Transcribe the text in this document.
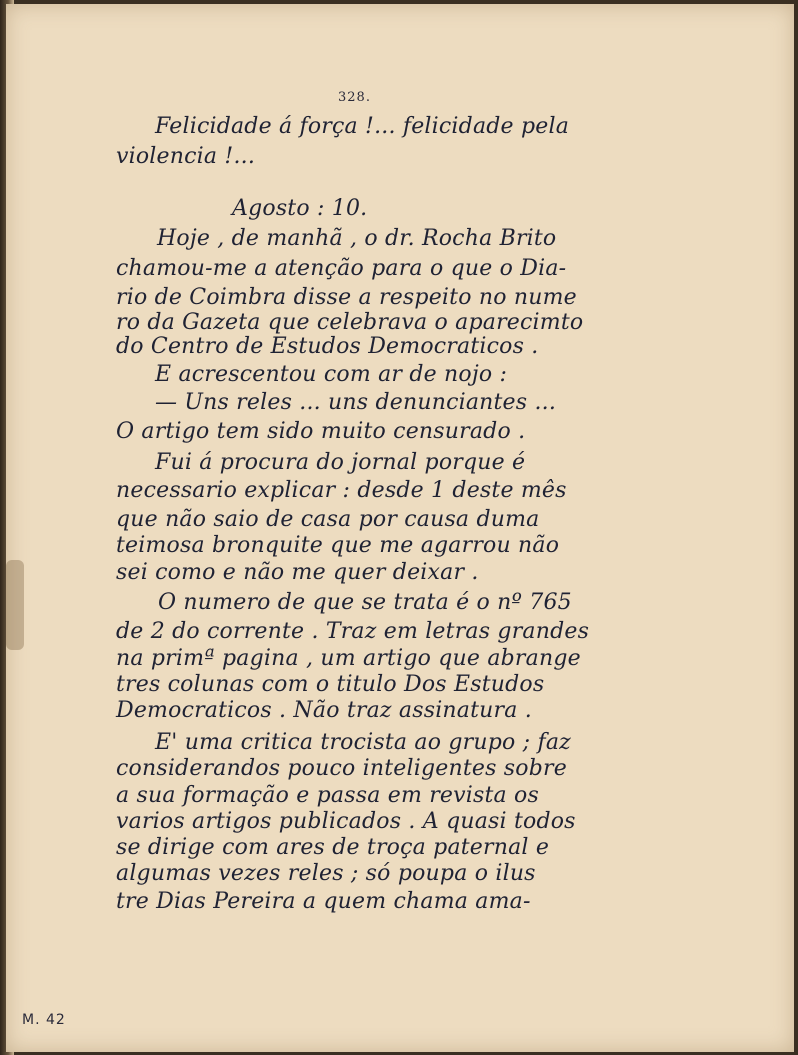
328.
Felicidade á força !... felicidade pela
violencia !...
Agosto : 10.
Hoje , de manhã , o dr. Rocha Brito
chamou-me a atenção para o que o Dia-
rio de Coimbra disse a respeito no nume
ro da Gazeta que celebrava o aparecimto
do Centro de Estudos Democraticos .
E acrescentou com ar de nojo :
— Uns reles ... uns denunciantes ...
O artigo tem sido muito censurado .
Fui á procura do jornal porque é
necessario explicar : desde 1 deste mês
que não saio de casa por causa duma
teimosa bronquite que me agarrou não
sei como e não me quer deixar .
O numero de que se trata é o nº 765
de 2 do corrente . Traz em letras grandes
na primª pagina , um artigo que abrange
tres colunas com o titulo Dos Estudos
Democraticos . Não traz assinatura .
E' uma critica trocista ao grupo ; faz
considerandos pouco inteligentes sobre
a sua formação e passa em revista os
varios artigos publicados . A quasi todos
se dirige com ares de troça paternal e
algumas vezes reles ; só poupa o ilus
tre Dias Pereira a quem chama ama-
M. 42
